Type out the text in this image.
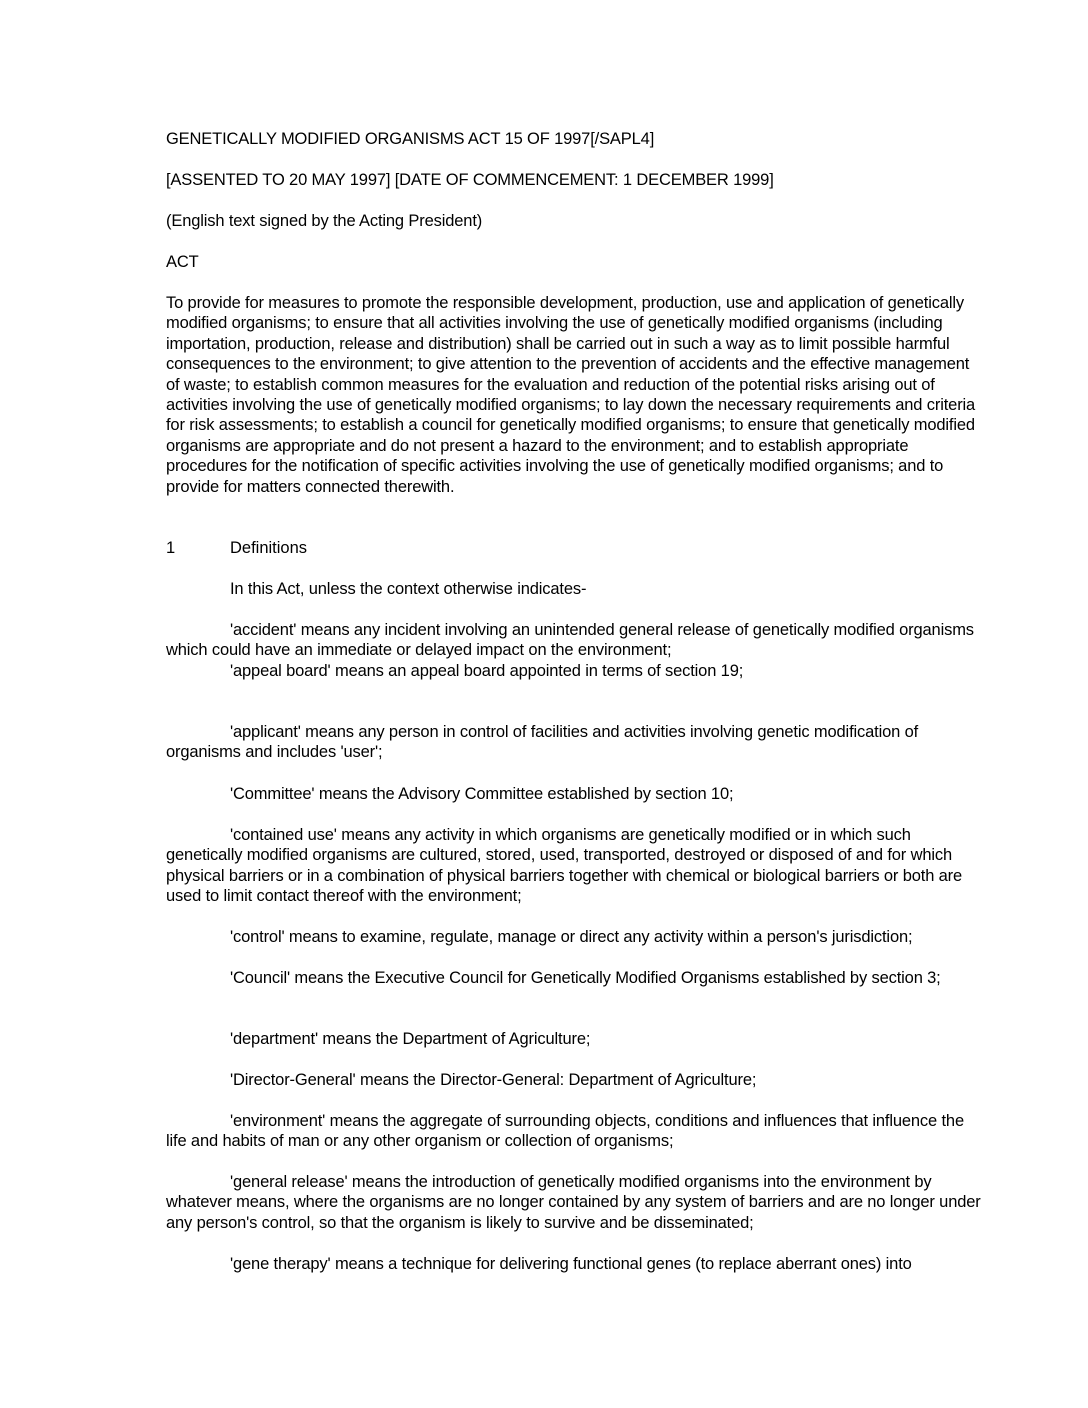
GENETICALLY MODIFIED ORGANISMS ACT 15 OF 1997[/SAPL4]

[ASSENTED TO 20 MAY 1997] [DATE OF COMMENCEMENT: 1 DECEMBER 1999]

(English text signed by the Acting President)

ACT

To provide for measures to promote the responsible development, production, use and application of genetically modified organisms; to ensure that all activities involving the use of genetically modified organisms (including importation, production, release and distribution) shall be carried out in such a way as to limit possible harmful consequences to the environment; to give attention to the prevention of accidents and the effective management of waste; to establish common measures for the evaluation and reduction of the potential risks arising out of activities involving the use of genetically modified organisms; to lay down the necessary requirements and criteria for risk assessments; to establish a council for genetically modified organisms; to ensure that genetically modified organisms are appropriate and do not present a hazard to the environment; and to establish appropriate procedures for the notification of specific activities involving the use of genetically modified organisms; and to provide for matters connected therewith.

1	Definitions

In this Act, unless the context otherwise indicates-

'accident' means any incident involving an unintended general release of genetically modified organisms which could have an immediate or delayed impact on the environment;

'appeal board' means an appeal board appointed in terms of section 19;

'applicant' means any person in control of facilities and activities involving genetic modification of organisms and includes 'user';

'Committee' means the Advisory Committee established by section 10;

'contained use' means any activity in which organisms are genetically modified or in which such genetically modified organisms are cultured, stored, used, transported, destroyed or disposed of and for which physical barriers or in a combination of physical barriers together with chemical or biological barriers or both are used to limit contact thereof with the environment;

'control' means to examine, regulate, manage or direct any activity within a person's jurisdiction;

'Council' means the Executive Council for Genetically Modified Organisms established by section 3;

'department' means the Department of Agriculture;

'Director-General' means the Director-General: Department of Agriculture;

'environment' means the aggregate of surrounding objects, conditions and influences that influence the life and habits of man or any other organism or collection of organisms;

'general release' means the introduction of genetically modified organisms into the environment by whatever means, where the organisms are no longer contained by any system of barriers and are no longer under any person's control, so that the organism is likely to survive and be disseminated;

'gene therapy' means a technique for delivering functional genes (to replace aberrant ones) into
